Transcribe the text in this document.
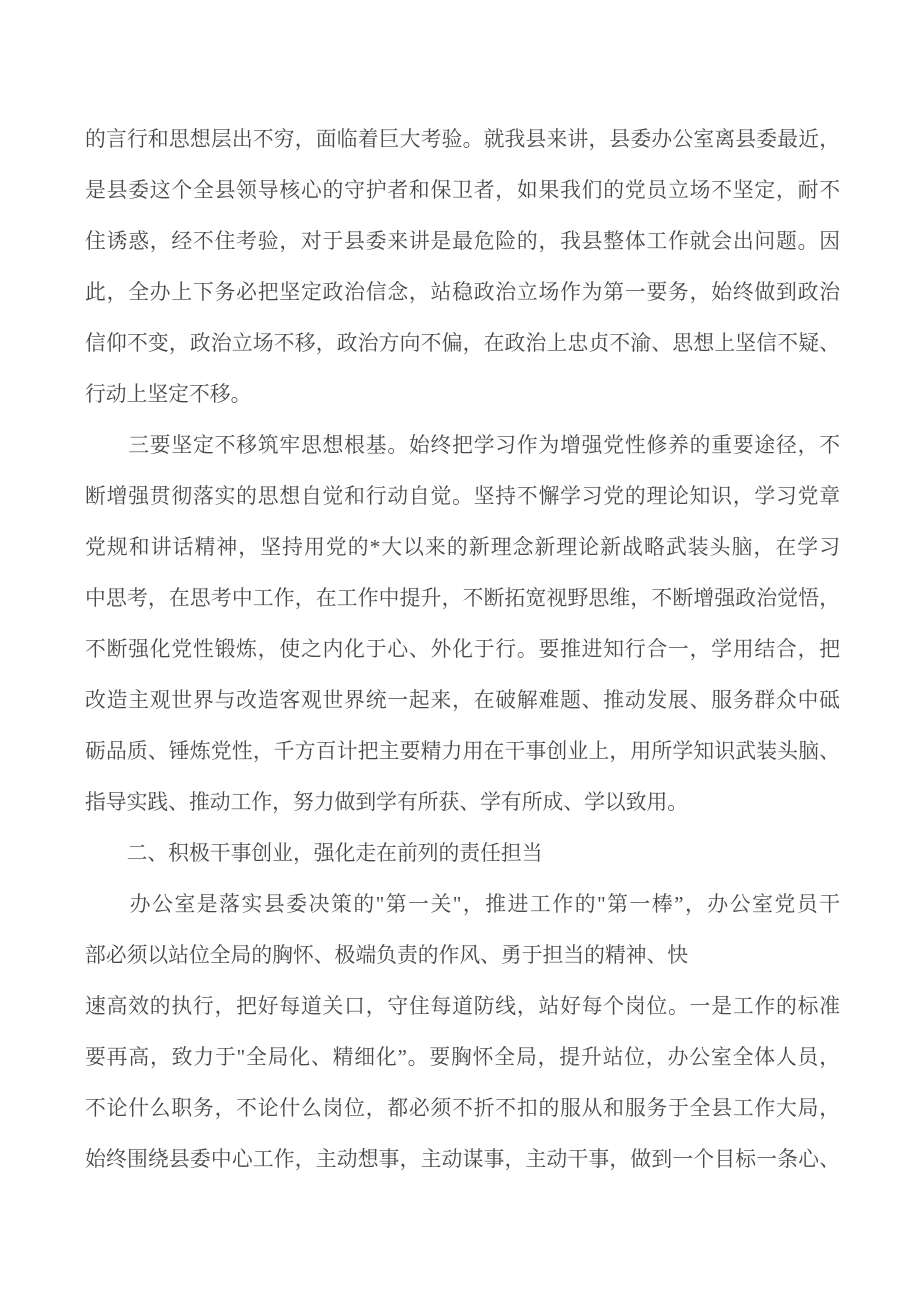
的言行和思想层出不穷，面临着巨大考验。就我县来讲，县委办公室离县委最近，
是县委这个全县领导核心的守护者和保卫者，如果我们的党员立场不坚定，耐不
住诱惑，经不住考验，对于县委来讲是最危险的，我县整体工作就会出问题。因
此，全办上下务必把坚定政治信念，站稳政治立场作为第一要务，始终做到政治
信仰不变，政治立场不移，政治方向不偏，在政治上忠贞不渝、思想上坚信不疑、
行动上坚定不移。
　　三要坚定不移筑牢思想根基。始终把学习作为增强党性修养的重要途径，不
断增强贯彻落实的思想自觉和行动自觉。坚持不懈学习党的理论知识，学习党章
党规和讲话精神，坚持用党的*大以来的新理念新理论新战略武装头脑，在学习
中思考，在思考中工作，在工作中提升，不断拓宽视野思维，不断增强政治觉悟，
不断强化党性锻炼，使之内化于心、外化于行。要推进知行合一，学用结合，把
改造主观世界与改造客观世界统一起来，在破解难题、推动发展、服务群众中砥
砺品质、锤炼党性，千方百计把主要精力用在干事创业上，用所学知识武装头脑、
指导实践、推动工作，努力做到学有所获、学有所成、学以致用。
　　二、积极干事创业，强化走在前列的责任担当
　　办公室是落实县委决策的"第一关"，推进工作的"第一棒”，办公室党员干
部必须以站位全局的胸怀、极端负责的作风、勇于担当的精神、快
速高效的执行，把好每道关口，守住每道防线，站好每个岗位。一是工作的标准
要再高，致力于"全局化、精细化”。要胸怀全局，提升站位，办公室全体人员，
不论什么职务，不论什么岗位，都必须不折不扣的服从和服务于全县工作大局，
始终围绕县委中心工作，主动想事，主动谋事，主动干事，做到一个目标一条心、
